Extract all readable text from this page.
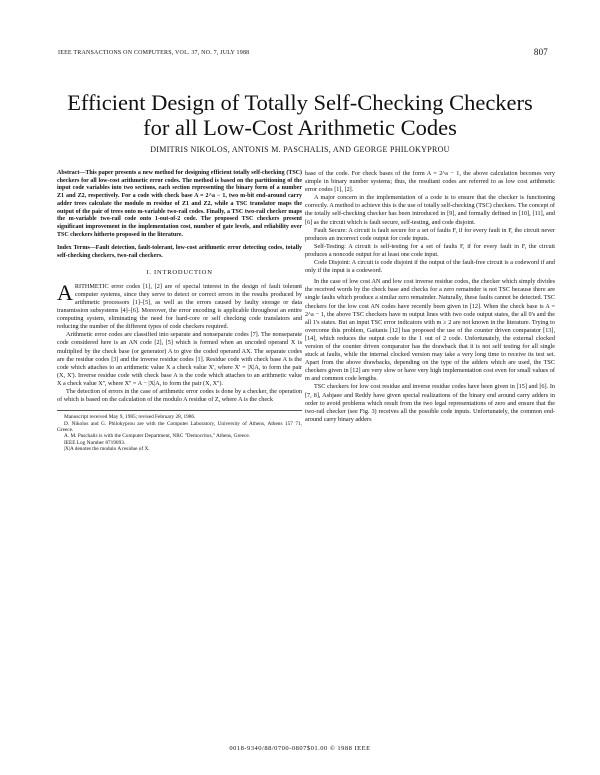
IEEE TRANSACTIONS ON COMPUTERS, VOL. 37, NO. 7, JULY 1988	807
Efficient Design of Totally Self-Checking Checkers
for all Low-Cost Arithmetic Codes
DIMITRIS NIKOLOS, ANTONIS M. PASCHALIS, AND GEORGE PHILOKYPROU

Abstract—This paper presents a new method for designing efficient totally self-checking (TSC) checkers for all low-cost arithmetic error codes. The method is based on the partitioning of the input code variables into two sections, each section representing the binary form of a number Z1 and Z2, respectively. For a code with check base A = 2^a − 1, two m-bit end-around carry adder trees calculate the modulo m residue of Z1 and Z2, while a TSC translator maps the output of the pair of trees onto m-variable two-rail codes. Finally, a TSC two-rail checker maps the m-variable two-rail code onto 1-out-of-2 code. The proposed TSC checkers present significant improvement in the implementation cost, number of gate levels, and reliability over TSC checkers hitherto proposed in the literature.

Index Terms—Fault detection, fault-tolerant, low-cost arithmetic error detecting codes, totally self-checking checkers, two-rail checkers.

I. INTRODUCTION

ARITHMETIC error codes [1], [2] are of special interest in the design of fault tolerant computer systems, since they serve to detect or correct errors in the results produced by arithmetic processors [1]–[5], as well as the errors caused by faulty storage or data transmission subsystems [4]–[6]. Moreover, the error encoding is applicable throughout an entire computing system, eliminating the need for hard-core or self checking code translators and reducing the number of the different types of code checkers required.

Arithmetic error codes are classified into separate and nonseparate codes [7]. The nonseparate code considered here is an AN code [2], [5] which is formed when an uncoded operand X is multiplied by the check base (or generator) A to give the coded operand AX. The separate codes are the residue codes [3] and the inverse residue codes [1]. Residue code with check base A is the code which attaches to an arithmetic value X a check value X', where X' = |X|A, to form the pair (X, X'). Inverse residue code with check base A is the code which attaches to an arithmetic value X a check value X'', where X'' = A − |X|A, to form the pair (X, X'').

The detection of errors in the case of arithmetic error codes is done by a checker, the operation of which is based on the calculation of the modulo A residue of Z, where A is the check

Manuscript received May 9, 1985; revised February 28, 1986.

D. Nikolos and G. Philokyprou are with the Computer Laboratory, University of Athens, Athens 157 71, Greece.

A. M. Paschalis is with the Computer Department, NRC "Democritos," Athens, Greece.

IEEE Log Number 8719093.

|X|A denotes the modulo A residue of X.

base of the code. For check bases of the form A = 2^a − 1, the above calculation becomes very simple in binary number systems; thus, the resultant codes are referred to as low cost arithmetic error codes [1], [2].

A major concern in the implementation of a code is to ensure that the checker is functioning correctly. A method to achieve this is the use of totally self-checking (TSC) checkers. The concept of the totally self-checking checker has been introduced in [9], and formally defined in [10], [11], and [6] as the circuit which is fault secure, self-testing, and code disjoint.

Fault Secure: A circuit is fault secure for a set of faults F, if for every fault in F, the circuit never produces an incorrect code output for code inputs.

Self-Testing: A circuit is self-testing for a set of faults F, if for every fault in F, the circuit produces a noncode output for at least one code input.

Code Disjoint: A circuit is code disjoint if the output of the fault-free circuit is a codeword if and only if the input is a codeword.

In the case of low cost AN and low cost inverse residue codes, the checker which simply divides the received words by the check base and checks for a zero remainder is not TSC because there are single faults which produce a similar zero remainder. Naturally, these faults cannot be detected. TSC checkers for the low cost AN codes have recently been given in [12]. When the check base is A = 2^a − 1, the above TSC checkers have m output lines with two code output states, the all 0's and the all 1's states. But an input TSC error indicators with m ≥ 2 are not known in the literature. Trying to overcome this problem, Gaitanis [12] has proposed the use of the counter driven comparator [13], [14], which reduces the output code to the 1 out of 2 code. Unfortunately, the external clocked version of the counter driven comparator has the drawback that it is not self testing for all single stuck at faults, while the internal clocked version may take a very long time to receive its test set. Apart from the above drawbacks, depending on the type of the adders which are used, the TSC checkers given in [12] are very slow or have very high implementation cost even for small values of m and common code lengths.

TSC checkers for low cost residue and inverse residue codes have been given in [15] and [6]. In [7, 8], Ashjaee and Reddy have given special realizations of the binary end around carry adders in order to avoid problems which result from the two legal representations of zero and ensure that the two-rail checker (see Fig. 3) receives all the possible code inputs. Unfortunately, the common end-around carry binary adders

0018-9340/88/0700-0807$01.00 © 1988 IEEE
